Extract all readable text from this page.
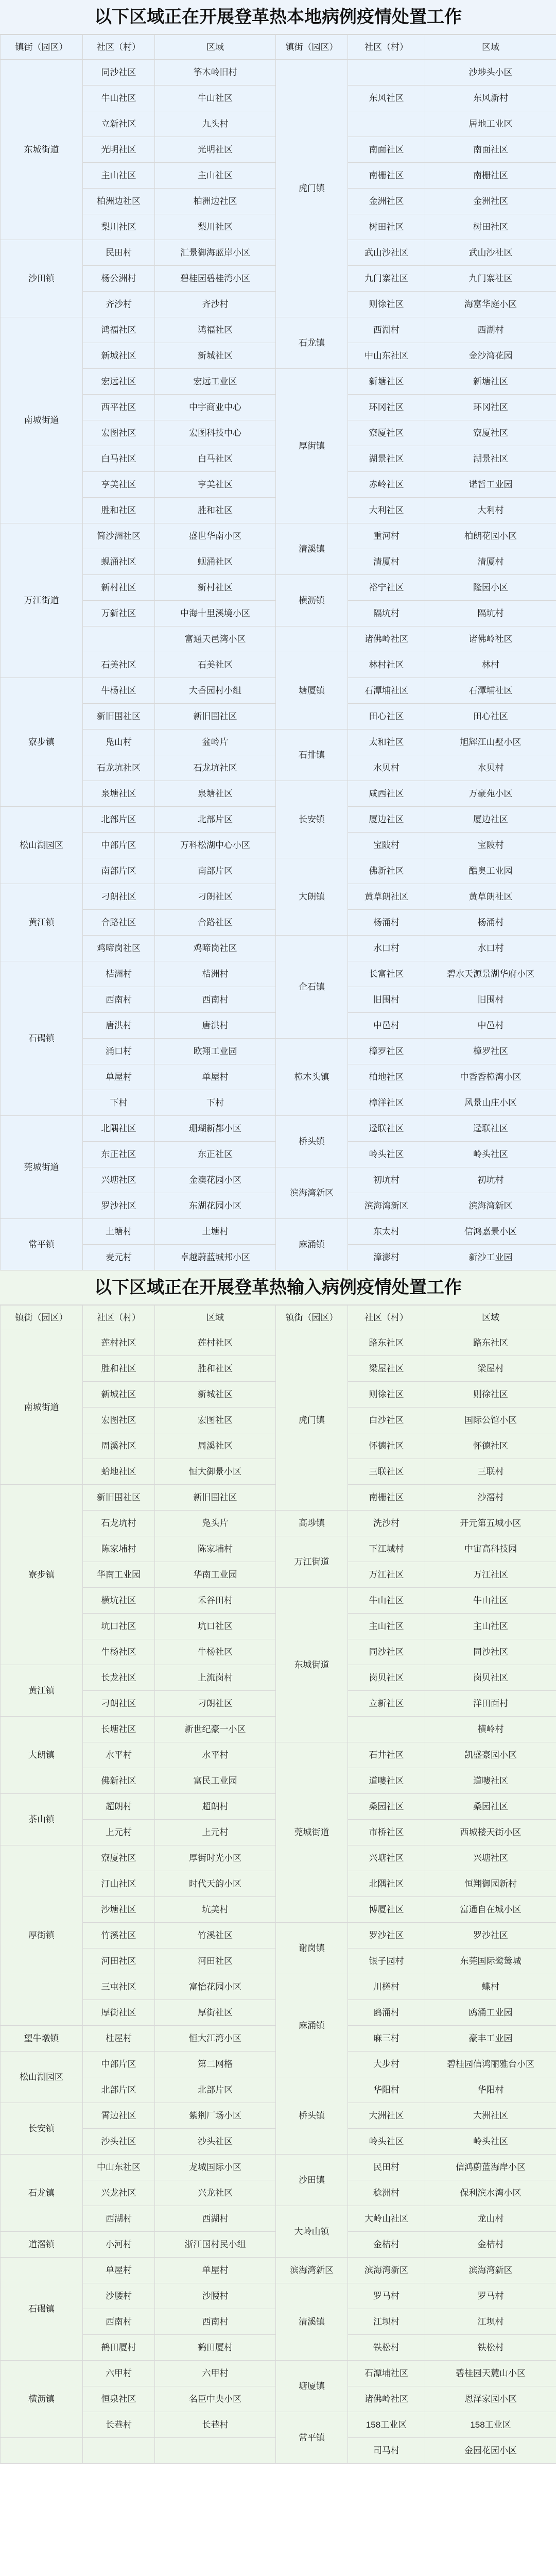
以下区域正在开展登革热本地病例疫情处置工作
镇街（园区）	社区（村）	区域	镇街（园区）	社区（村）	区域
东城街道	同沙社区	筝木岭旧村	虎门镇		沙埗头小区
	牛山社区	牛山社区		东风社区	东风新村
	立新社区	九头村			居地工业区
	光明社区	光明社区		南面社区	南面社区
	主山社区	主山社区		南栅社区	南栅社区
	柏洲边社区	柏洲边社区		金洲社区	金洲社区
	梨川社区	梨川社区		树田社区	树田社区
沙田镇	民田村	汇景御海蓝岸小区		武山沙社区	武山沙社区
	杨公洲村	碧桂园碧桂湾小区		九门寨社区	九门寨社区
	齐沙村	齐沙村		则徐社区	海富华庭小区
南城街道	鸿福社区	鸿福社区	石龙镇	西湖村	西湖村
	新城社区	新城社区		中山东社区	金沙湾花园
	宏远社区	宏远工业区	厚街镇	新塘社区	新塘社区
	西平社区	中宇商业中心		环冈社区	环冈社区
	宏图社区	宏图科技中心		寮厦社区	寮厦社区
	白马社区	白马社区		湖景社区	湖景社区
	亨美社区	亨美社区		赤岭社区	诺哲工业园
	胜和社区	胜和社区		大利社区	大利村
万江街道	简沙洲社区	盛世华南小区	清溪镇	重河村	柏朗花园小区
	蚬涌社区	蚬涌社区		清厦村	清厦村
	新村社区	新村社区	横沥镇	裕宁社区	隆园小区
	万新社区	中海十里溪境小区		隔坑村	隔坑村
		富通天邑湾小区		诸佛岭社区	诸佛岭社区
	石美社区	石美社区	塘厦镇	林村社区	林村
寮步镇	牛杨社区	大香园村小组		石潭埔社区	石潭埔社区
	新旧围社区	新旧围社区		田心社区	田心社区
	凫山村	盆岭片	石排镇	太和社区	旭辉江山墅小区
	石龙坑社区	石龙坑社区		水贝村	水贝村
	泉塘社区	泉塘社区	长安镇	咸西社区	万豪苑小区
松山湖园区	北部片区	北部片区		厦边社区	厦边社区
	中部片区	万科松湖中心小区		宝陂村	宝陂村
	南部片区	南部片区	大朗镇	佛新社区	酷奥工业园
黄江镇	刁朗社区	刁朗社区		黄草朗社区	黄草朗社区
	合路社区	合路社区		杨涌村	杨涌村
	鸡啼岗社区	鸡啼岗社区	企石镇	水口村	水口村
石碣镇	桔洲村	桔洲村		长富社区	碧水天源景湖华府小区
	西南村	西南村		旧围村	旧围村
	唐洪村	唐洪村		中邑村	中邑村
	涌口村	欧翔工业园	樟木头镇	樟罗社区	樟罗社区
	单屋村	单屋村		柏地社区	中香香樟湾小区
	下村	下村		樟洋社区	风景山庄小区
莞城街道	北隅社区	珊瑚新都小区	桥头镇	迳联社区	迳联社区
	东正社区	东正社区		岭头社区	岭头社区
	兴塘社区	金澳花园小区	滨海湾新区	初坑村	初坑村
	罗沙社区	东湖花园小区		滨海湾新区	滨海湾新区
常平镇	土塘村	土塘村	麻涌镇	东太村	信鸿嘉景小区
	麦元村	卓越蔚蓝城邦小区		漳澎村	新沙工业园
以下区域正在开展登革热输入病例疫情处置工作
镇街（园区）	社区（村）	区域	镇街（园区）	社区（村）	区域
南城街道	莲村社区	莲村社区	虎门镇	路东社区	路东社区
	胜和社区	胜和社区		梁屋社区	梁屋村
	新城社区	新城社区		则徐社区	则徐社区
	宏图社区	宏图社区		白沙社区	国际公馆小区
	周溪社区	周溪社区		怀德社区	怀德社区
	蛤地社区	恒大御景小区		三联社区	三联村
寮步镇	新旧围社区	新旧围社区		南栅社区	沙滘村
	石龙坑村	凫头片	高埗镇	洗沙村	开元第五城小区
	陈家埔村	陈家埔村	万江街道	下江城村	中宙高科技园
	华南工业园	华南工业园		万江社区	万江社区
	横坑社区	禾谷田村	东城街道	牛山社区	牛山社区
	坑口社区	坑口社区		主山社区	主山社区
	牛杨社区	牛杨社区		同沙社区	同沙社区
黄江镇	长龙社区	上流岗村		岗贝社区	岗贝社区
	刁朗社区	刁朗社区		立新社区	洋田面村
大朗镇	长塘社区	新世纪豪一小区			横岭村
	水平村	水平村	莞城街道	石井社区	凯盛豪园小区
	佛新社区	富民工业园		道嘍社区	道嘍社区
茶山镇	超朗村	超朗村		桑园社区	桑园社区
	上元村	上元村		市桥社区	西城楼天街小区
厚街镇	寮厦社区	厚街时光小区		兴塘社区	兴塘社区
	汀山社区	时代天韵小区		北隅社区	恒翔御园新村
	沙塘社区	坑美村		博厦社区	富通自在城小区
	竹溪社区	竹溪社区	谢岗镇	罗沙社区	罗沙社区
	河田社区	河田社区		银子园村	东莞国际鹭鸶城
	三屯社区	富怡花园小区	麻涌镇	川槎村	蝶村
	厚街社区	厚街社区		鸥涌村	鸥涌工业园
望牛墩镇	杜屋村	恒大江湾小区		麻三村	豪丰工业园
松山湖园区	中部片区	第二网格		大步村	碧桂园信鸿丽雅台小区
	北部片区	北部片区	桥头镇	华阳村	华阳村
长安镇	霄边社区	紫荆厂场小区		大洲社区	大洲社区
	沙头社区	沙头社区		岭头社区	岭头社区
石龙镇	中山东社区	龙城国际小区	沙田镇	民田村	信鸿蔚蓝海岸小区
	兴龙社区	兴龙社区		稔洲村	保利滨水湾小区
	西湖村	西湖村	大岭山镇	大岭山社区	龙山村
道滘镇	小河村	浙江国村民小组		金桔村	金桔村
石碣镇	单屋村	单屋村	滨海湾新区	滨海湾新区	滨海湾新区
	沙腰村	沙腰村	清溪镇	罗马村	罗马村
	西南村	西南村		江坝村	江坝村
	鹤田厦村	鹤田厦村		铁松村	铁松村
横沥镇	六甲村	六甲村	塘厦镇	石潭埔社区	碧桂园天麓山小区
	恒泉社区	名臣中央小区		诸佛岭社区	恩泽家园小区
	长巷村	长巷村	常平镇	158工业区	158工业区
				司马村	金园花园小区
